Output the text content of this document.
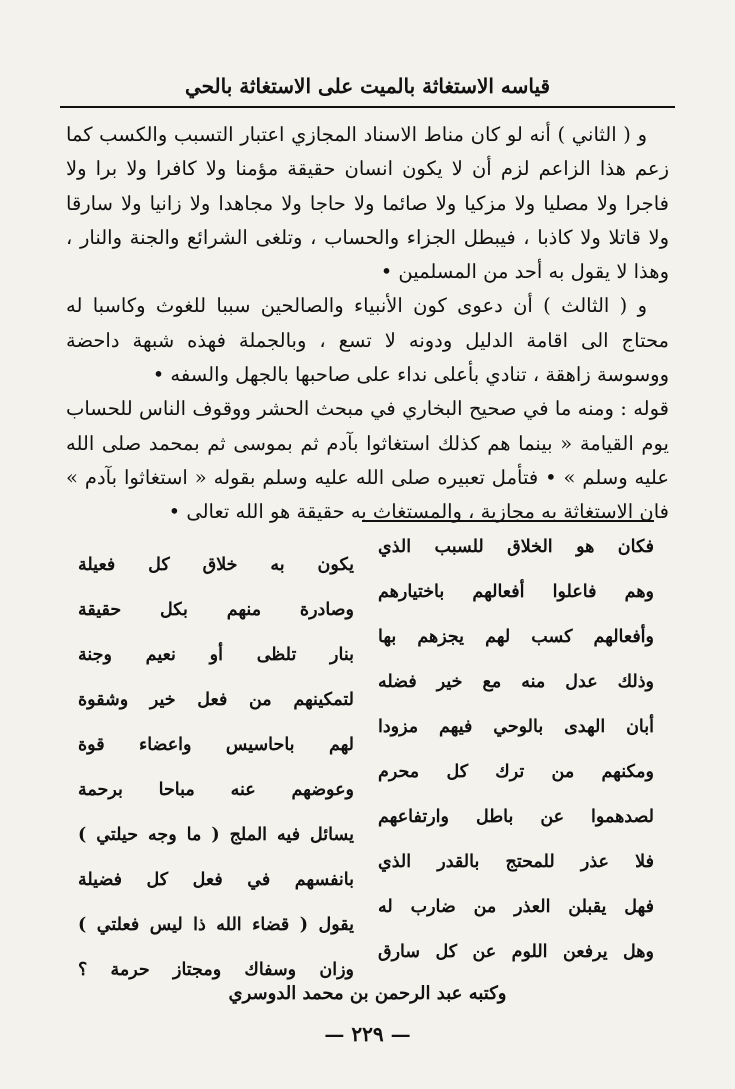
قياسه الاستغاثة بالميت على الاستغاثة بالحي

و ( الثاني ) أنه لو كان مناط الاسناد المجازي اعتبار التسبب والكسب كما زعم هذا الزاعم لزم أن لا يكون انسان حقيقة مؤمنا ولا كافرا ولا برا ولا فاجرا ولا مصليا ولا مزكيا ولا صائما ولا حاجا ولا مجاهدا ولا زانيا ولا سارقا ولا قاتلا ولا كاذبا ، فيبطل الجزاء والحساب ، وتلغى الشرائع والجنة والنار ، وهذا لا يقول به أحد من المسلمين •

و ( الثالث ) أن دعوى كون الأنبياء والصالحين سببا للغوث وكاسبا له محتاج الى اقامة الدليل ودونه لا تسع ، وبالجملة فهذه شبهة داحضة ووسوسة زاهقة ، تنادي بأعلى نداء على صاحبها بالجهل والسفه •

قوله : ومنه ما في صحيح البخاري في مبحث الحشر ووقوف الناس للحساب يوم القيامة « بينما هم كذلك استغاثوا بآدم ثم بموسى ثم بمحمد صلى الله عليه وسلم » • فتأمل تعبيره صلى الله عليه وسلم بقوله « استغاثوا بآدم » فان الاستغاثة به مجازية ، والمستغاث به حقيقة هو الله تعالى •

فكان هو الخلاق للسبب الذي
وهم فاعلوا أفعالهم باختيارهم
وأفعالهم كسب لهم يجزهم بها
وذلك عدل منه مع خير فضله
أبان الهدى بالوحي فيهم مزودا
ومكنهم من ترك كل محرم
لصدهموا عن باطل وارتفاعهم
فلا عذر للمحتج بالقدر الذي
فهل يقبلن العذر من ضارب له
وهل يرفعن اللوم عن كل سارق
يكون به خلاق كل فعيلة
وصادرة منهم بكل حقيقة
بنار تلظى أو نعيم وجنة
لتمكينهم من فعل خير وشقوة
لهم باحاسيس واعضاء قوة
وعوضهم عنه مباحا برحمة
يسائل فيه الملج ( ما وجه حيلتي )
بانفسهم في فعل كل فضيلة
يقول ( قضاء الله ذا ليس فعلتي )
وزان وسفاك ومجتاز حرمة ؟
وكتبه عبد الرحمن بن محمد الدوسري
— ٢٢٩ —
